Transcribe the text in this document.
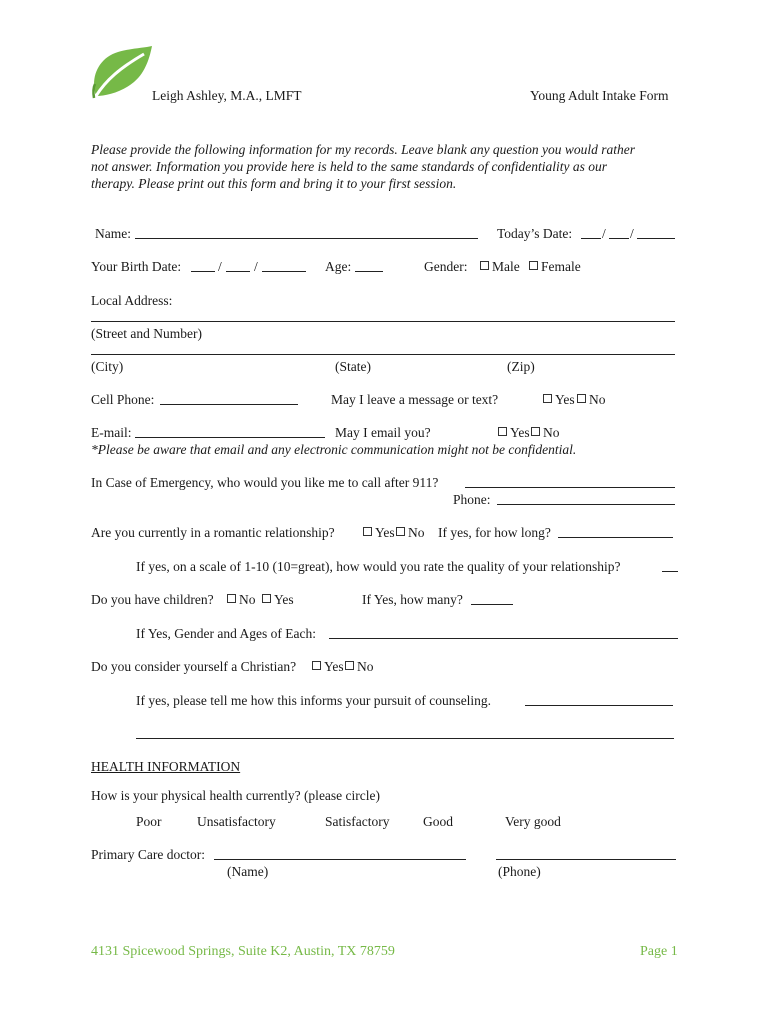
Leigh Ashley, M.A., LMFT	Young Adult Intake Form
Please provide the following information for my records. Leave blank any question you would rather
not answer. Information you provide here is held to the same standards of confidentiality as our
therapy. Please print out this form and bring it to your first session.
Name:	Today’s Date: / /
Your Birth Date:	/ /	Age:	Gender:	Male	Female
Local Address:
(Street and Number)
(City)	(State)	(Zip)
Cell Phone:	May I leave a message or text?	Yes	No
E-mail:	May I email you?	Yes No
*Please be aware that email and any electronic communication might not be confidential.
In Case of Emergency, who would you like me to call after 911?
Phone:
Are you currently in a romantic relationship?	Yes No If yes, for how long?
If yes, on a scale of 1-10 (10=great), how would you rate the quality of your relationship?
Do you have children?	No	Yes	If Yes, how many?
If Yes, Gender and Ages of Each:
Do you consider yourself a Christian?	Yes No
If yes, please tell me how this informs your pursuit of counseling.
HEALTH INFORMATION
How is your physical health currently? (please circle)
Poor	Unsatisfactory	Satisfactory Good	Very good
Primary Care doctor:
(Name)	(Phone)
4131 Spicewood Springs, Suite K2, Austin, TX 78759	Page 1
